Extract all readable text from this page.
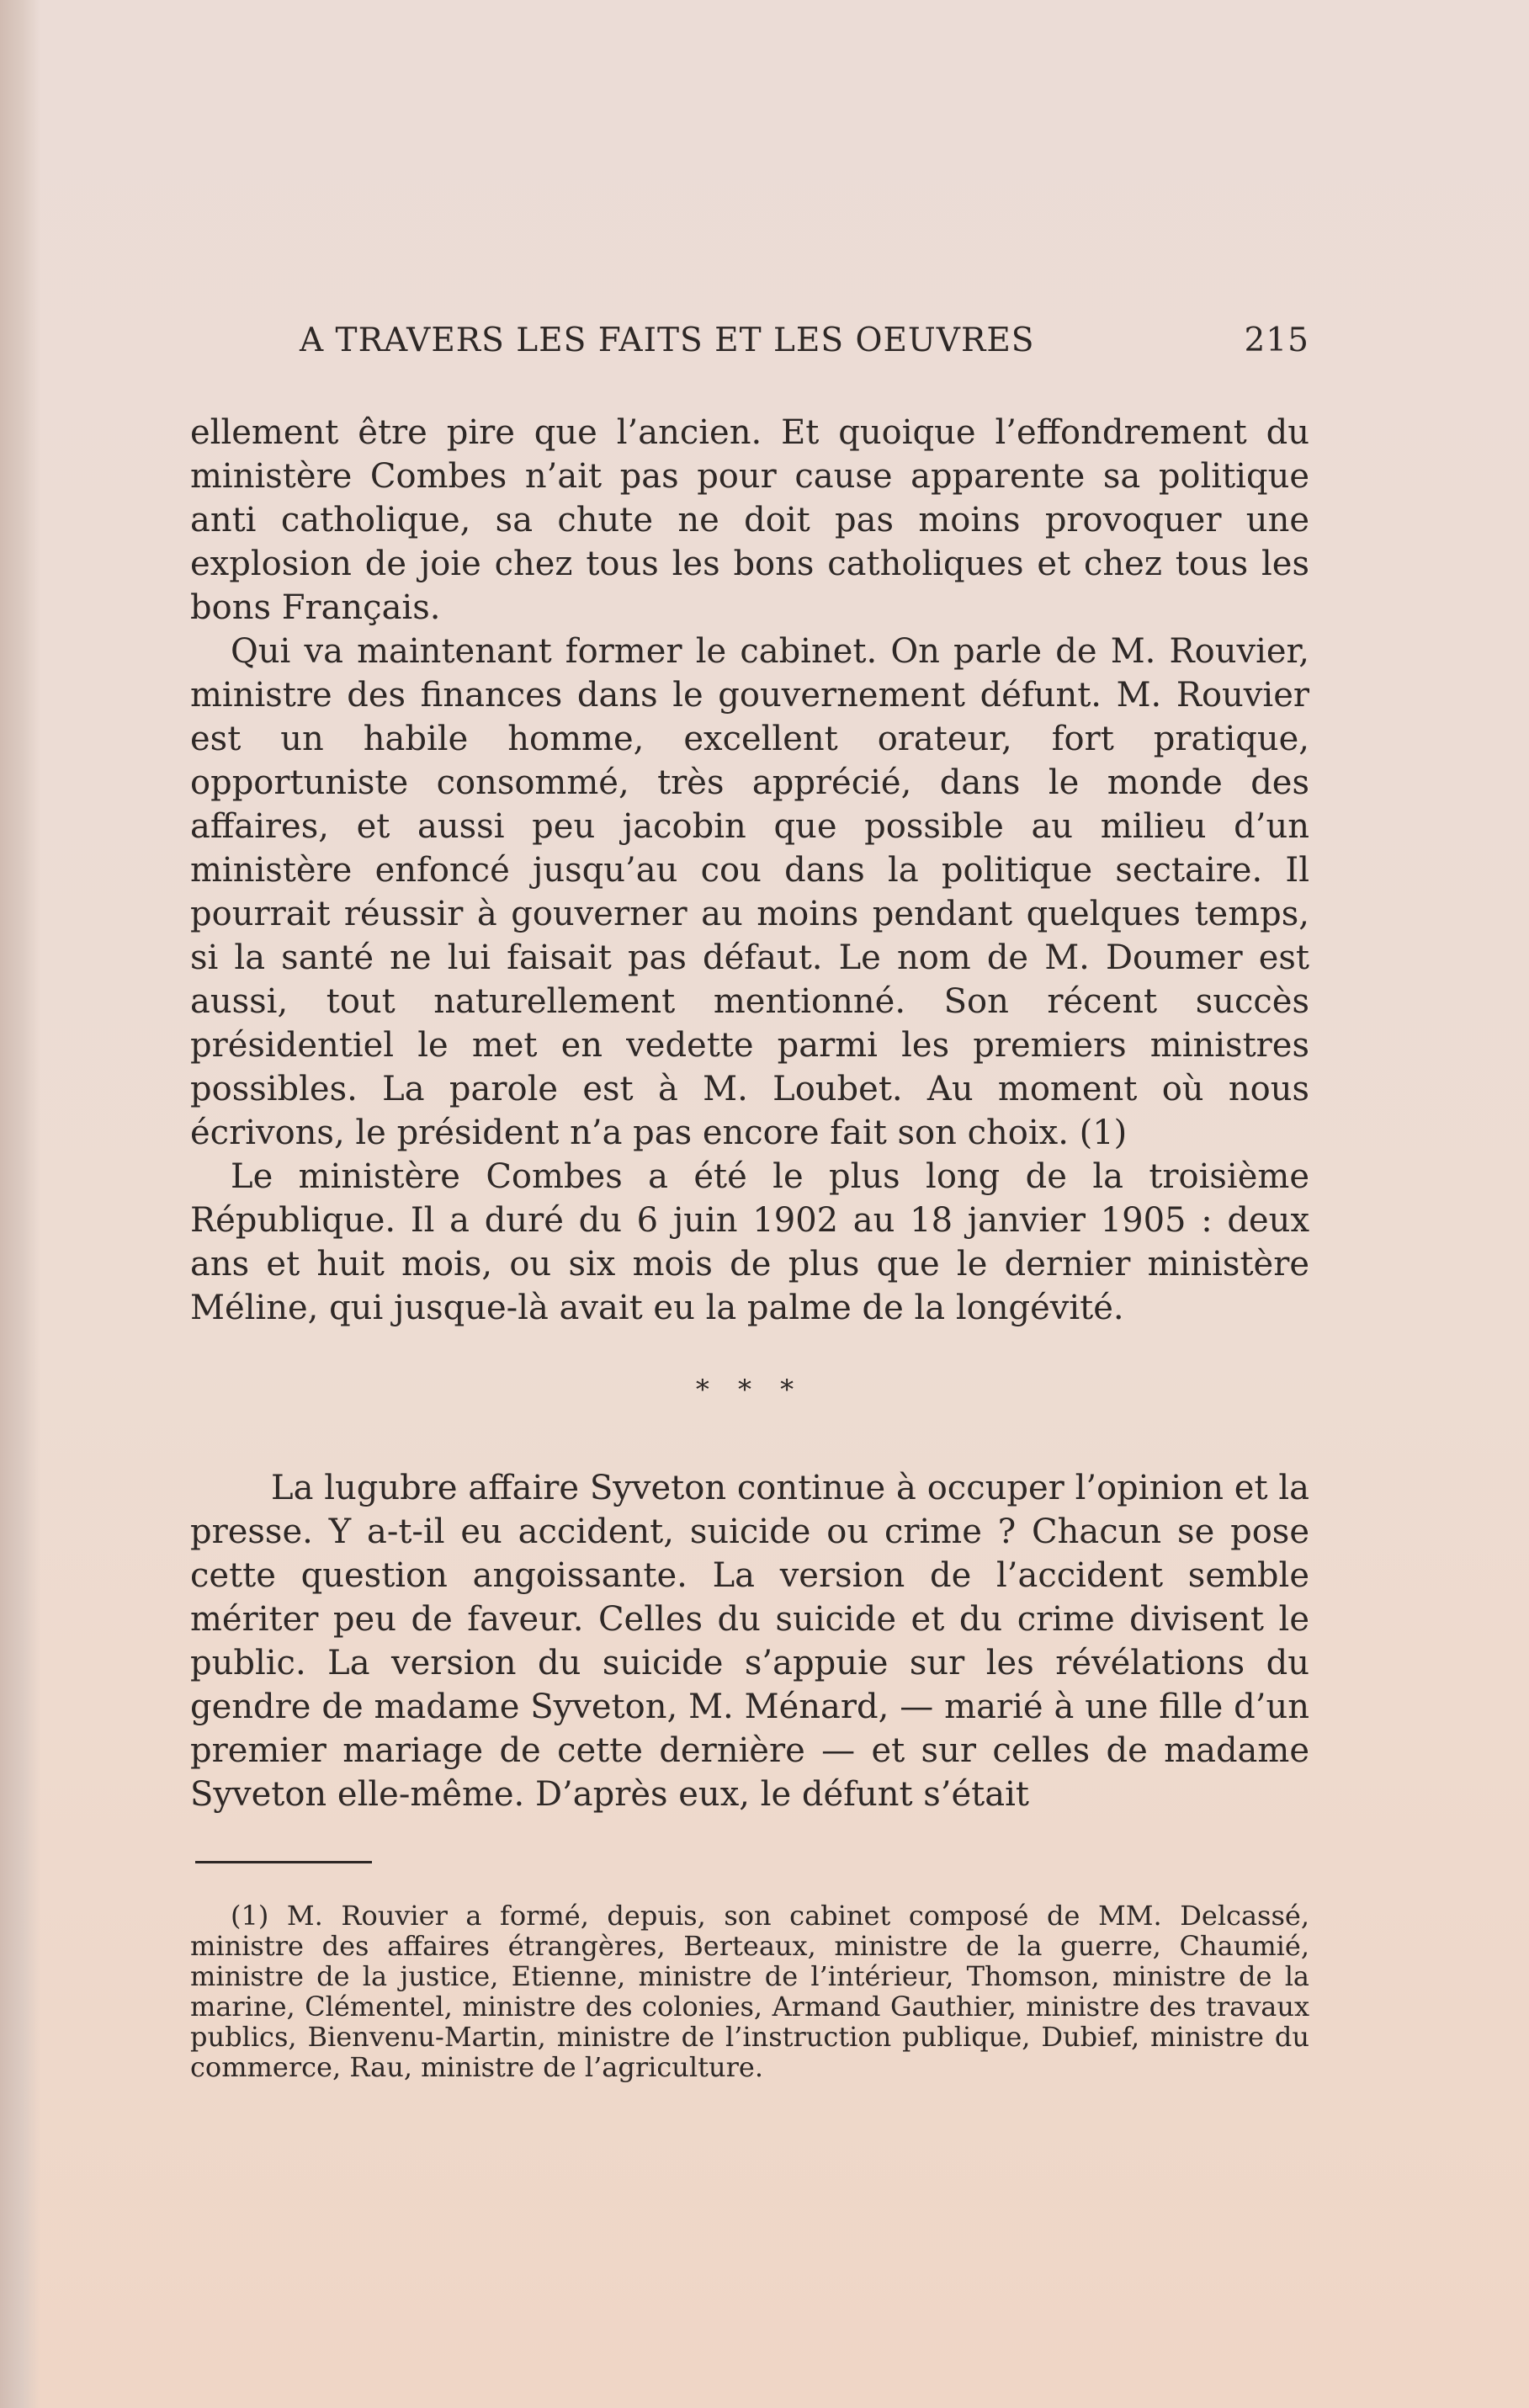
A TRAVERS LES FAITS ET LES OEUVRES	215

ellement être pire que l’ancien. Et quoique l’effondrement du ministère Combes n’ait pas pour cause apparente sa politique anti catholique, sa chute ne doit pas moins provoquer une explosion de joie chez tous les bons catholiques et chez tous les bons Français.

Qui va maintenant former le cabinet. On parle de M. Rouvier, ministre des finances dans le gouvernement défunt. M. Rouvier est un habile homme, excellent orateur, fort pratique, opportuniste consommé, très apprécié, dans le monde des affaires, et aussi peu jacobin que possible au milieu d’un ministère enfoncé jusqu’au cou dans la politique sectaire. Il pourrait réussir à gouverner au moins pendant quelques temps, si la santé ne lui faisait pas défaut. Le nom de M. Doumer est aussi, tout naturellement mentionné. Son récent succès présidentiel le met en vedette parmi les premiers ministres possibles. La parole est à M. Loubet. Au moment où nous écrivons, le président n’a pas encore fait son choix. (1)

Le ministère Combes a été le plus long de la troisième République. Il a duré du 6 juin 1902 au 18 janvier 1905 : deux ans et huit mois, ou six mois de plus que le dernier ministère Méline, qui jusque-là avait eu la palme de la longévité.

* * *

La lugubre affaire Syveton continue à occuper l’opinion et la presse. Y a-t-il eu accident, suicide ou crime ? Chacun se pose cette question angoissante. La version de l’accident semble mériter peu de faveur. Celles du suicide et du crime divisent le public. La version du suicide s’appuie sur les révélations du gendre de madame Syveton, M. Ménard, — marié à une fille d’un premier mariage de cette dernière — et sur celles de madame Syveton elle-même. D’après eux, le défunt s’était

(1) M. Rouvier a formé, depuis, son cabinet composé de MM. Delcassé, ministre des affaires étrangères, Berteaux, ministre de la guerre, Chaumié, ministre de la justice, Etienne, ministre de l’intérieur, Thomson, ministre de la marine, Clémentel, ministre des colonies, Armand Gauthier, ministre des travaux publics, Bienvenu-Martin, ministre de l’instruction publique, Dubief, ministre du commerce, Rau, ministre de l’agriculture.
